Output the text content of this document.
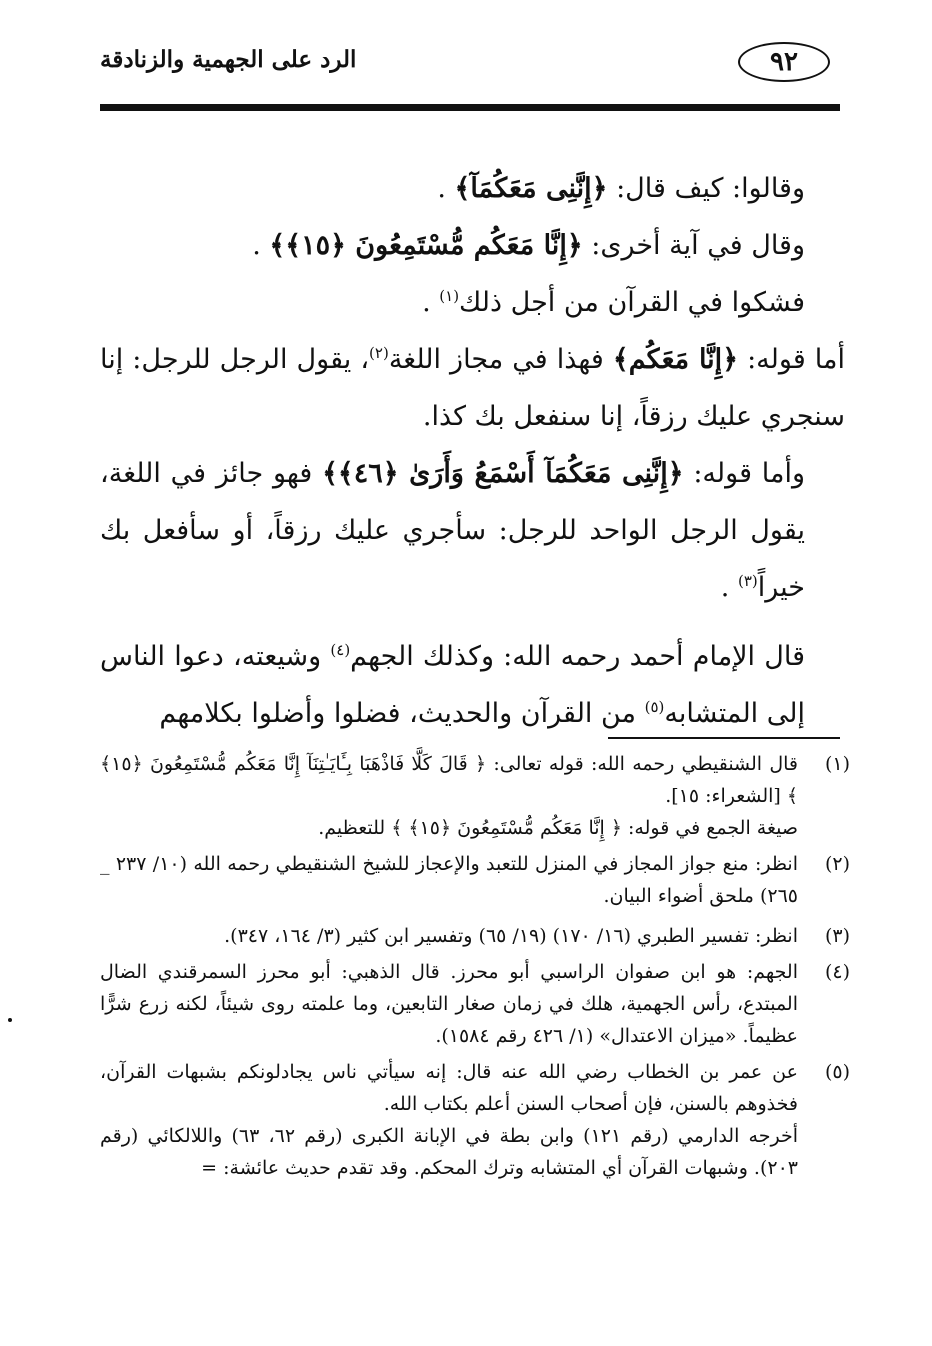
٩٢
الرد على الجهمية والزنادقة

وقالوا: كيف قال: ﴿إِنَّنِى مَعَكُمَآ﴾ .

وقال في آية أخرى: ﴿إِنَّا مَعَكُم مُّسْتَمِعُونَ ﴿١٥﴾﴾ .

فشكوا في القرآن من أجل ذلك$^{(١)}$ .

أما قوله: ﴿إِنَّا مَعَكُم﴾ فهذا في مجاز اللغة$^{(٢)}$، يقول الرجل للرجل: إنا سنجري عليك رزقاً، إنا سنفعل بك كذا.

وأما قوله: ﴿إِنَّنِى مَعَكُمَآ أَسْمَعُ وَأَرَىٰ ﴿٤٦﴾﴾ فهو جائز في اللغة، يقول الرجل الواحد للرجل: سأجري عليك رزقاً، أو سأفعل بك خيراً$^{(٣)}$ .

قال الإمام أحمد رحمه الله: وكذلك الجهم$^{(٤)}$ وشيعته، دعوا الناس إلى المتشابه$^{(٥)}$ من القرآن والحديث، فضلوا وأضلوا بكلامهم

(١)

قال الشنقيطي رحمه الله: قوله تعالى: ﴿ قَالَ كَلَّا فَاذْهَبَا بِـَٔايَـٰتِنَآ إِنَّا مَعَكُم مُّسْتَمِعُونَ ﴿١٥﴾ ﴾ [الشعراء: ١٥].

صيغة الجمع في قوله: ﴿ إِنَّا مَعَكُم مُّسْتَمِعُونَ ﴿١٥﴾ ﴾ للتعظيم.

(٢)

انظر: منع جواز المجاز في المنزل للتعبد والإعجاز للشيخ الشنقيطي رحمه الله (١٠/ ٢٣٧ _ ٢٦٥) ملحق أضواء البيان.

(٣)

انظر: تفسير الطبري (١٦/ ١٧٠) (١٩/ ٦٥) وتفسير ابن كثير (٣/ ١٦٤، ٣٤٧).

(٤)

الجهم: هو ابن صفوان الراسبي أبو محرز. قال الذهبي: أبو محرز السمرقندي الضال المبتدع، رأس الجهمية، هلك في زمان صغار التابعين، وما علمته روى شيئاً، لكنه زرع شرًّا عظيماً. «ميزان الاعتدال» (١/ ٤٢٦ رقم ١٥٨٤).

(٥)

عن عمر بن الخطاب رضي الله عنه قال: إنه سيأتي ناس يجادلونكم بشبهات القرآن، فخذوهم بالسنن، فإن أصحاب السنن أعلم بكتاب الله.

أخرجه الدارمي (رقم ١٢١) وابن بطة في الإبانة الكبرى (رقم ٦٢، ٦٣) واللالكائي (رقم ٢٠٣). وشبهات القرآن أي المتشابه وترك المحكم. وقد تقدم حديث عائشة: =
